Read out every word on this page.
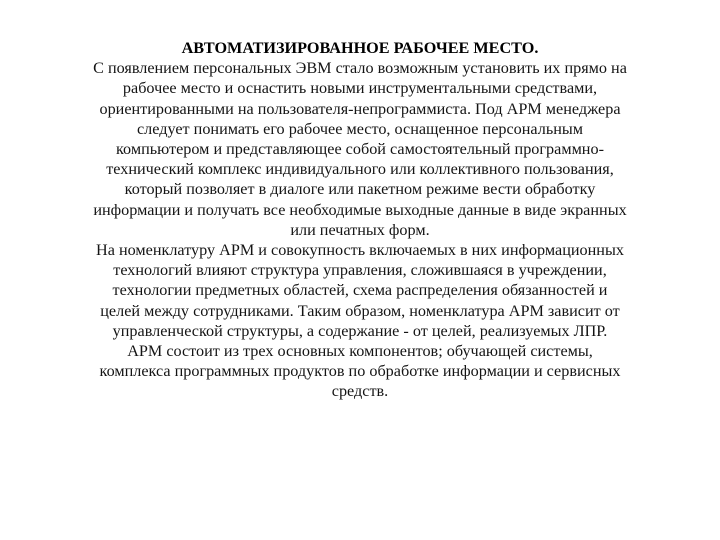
АВТОМАТИЗИРОВАННОЕ РАБОЧЕЕ МЕСТО.
С появлением персональных ЭВМ стало возможным установить их прямо на
рабочее место и оснастить новыми инструментальными средствами,
ориентированными на пользователя-непрограммиста. Под АРМ менеджера
следует понимать его рабочее место, оснащенное персональным
компьютером и представляющее собой самостоятельный программно-
технический комплекс индивидуального или коллективного пользования,
который позволяет в диалоге или пакетном режиме вести обработку
информации и получать все необходимые выходные данные в виде экранных
или печатных форм.
На номенклатуру АРМ и совокупность включаемых в них информационных
технологий влияют структура управления, сложившаяся в учреждении,
технологии предметных областей, схема распределения обязанностей и
целей между сотрудниками. Таким образом, номенклатура АРМ зависит от
управленческой структуры, а содержание - от целей, реализуемых ЛПР.
АРМ состоит из трех основных компонентов; обучающей системы,
комплекса программных продуктов по обработке информации и сервисных
средств.
